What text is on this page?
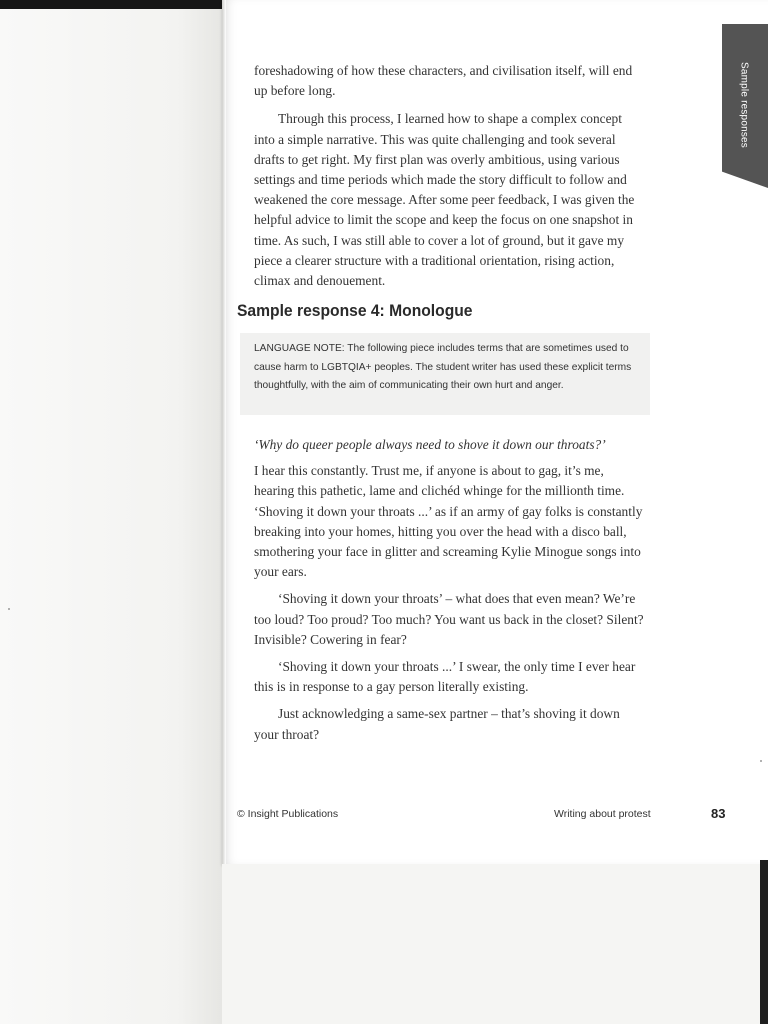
Sample responses

foreshadowing of how these characters, and civilisation itself, will end up before long.

Through this process, I learned how to shape a complex concept into a simple narrative. This was quite challenging and took several drafts to get right. My first plan was overly ambitious, using various settings and time periods which made the story difficult to follow and weakened the core message. After some peer feedback, I was given the helpful advice to limit the scope and keep the focus on one snapshot in time. As such, I was still able to cover a lot of ground, but it gave my piece a clearer structure with a traditional orientation, rising action, climax and denouement.

Sample response 4: Monologue
LANGUAGE NOTE: The following piece includes terms that are sometimes used to cause harm to LGBTQIA+ peoples. The student writer has used these explicit terms thoughtfully, with the aim of communicating their own hurt and anger.

‘Why do queer people always need to shove it down our throats?’

I hear this constantly. Trust me, if anyone is about to gag, it’s me, hearing this pathetic, lame and clichéd whinge for the millionth time. ‘Shoving it down your throats ...’ as if an army of gay folks is constantly breaking into your homes, hitting you over the head with a disco ball, smothering your face in glitter and screaming Kylie Minogue songs into your ears.

‘Shoving it down your throats’ – what does that even mean? We’re too loud? Too proud? Too much? You want us back in the closet? Silent? Invisible? Cowering in fear?

‘Shoving it down your throats ...’ I swear, the only time I ever hear this is in response to a gay person literally existing.

Just acknowledging a same-sex partner – that’s shoving it down your throat?

© Insight Publications	Writing about protest	83
